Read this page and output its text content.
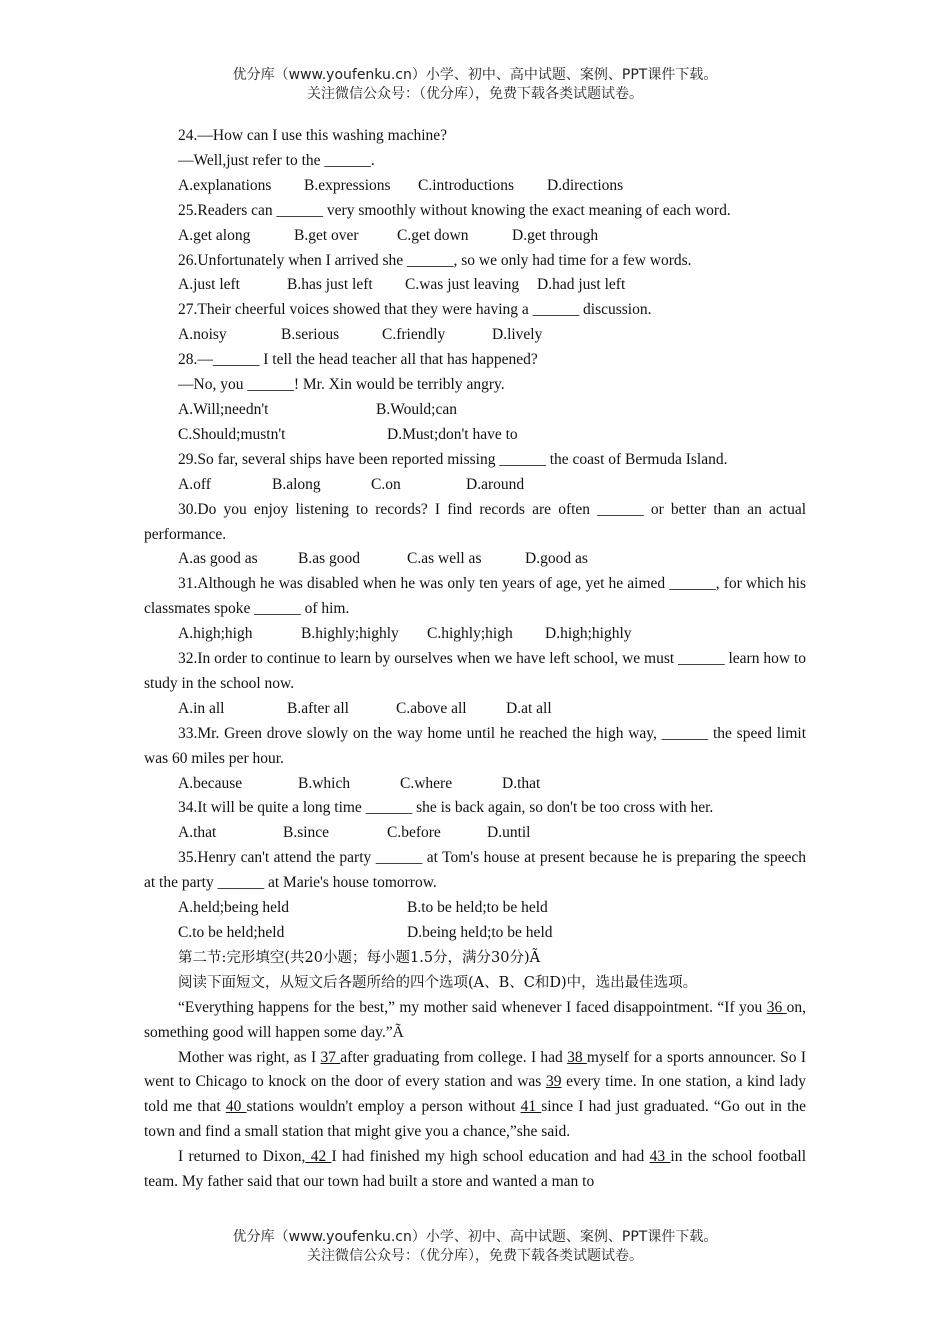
优分库（www.youfenku.cn）小学、初中、高中试题、案例、PPT课件下载。
关注微信公众号：（优分库），免费下载各类试题试卷。
24.—How can I use this washing machine?
—Well,just refer to the ______.
A.explanations	B.expressions	C.introductions	D.directions
25.Readers can ______ very smoothly without knowing the exact meaning of each word.
A.get along	B.get over	C.get down	D.get through
26.Unfortunately when I arrived she ______, so we only had time for a few words.
A.just left	B.has just left	C.was just leaving	D.had just left
27.Their cheerful voices showed that they were having a ______ discussion.
A.noisy	B.serious	C.friendly	D.lively
28.—______ I tell the head teacher all that has happened?
—No, you ______! Mr. Xin would be terribly angry.
A.Will;needn't	B.Would;can
C.Should;mustn't	D.Must;don't have to
29.So far, several ships have been reported missing ______ the coast of Bermuda Island.
A.off	B.along	C.on	D.around
30.Do you enjoy listening to records? I find records are often ______ or better than an actual performance.
A.as good as	B.as good	C.as well as	D.good as
31.Although he was disabled when he was only ten years of age, yet he aimed ______, for which his classmates spoke ______ of him.
A.high;high	B.highly;highly	C.highly;high	D.high;highly
32.In order to continue to learn by ourselves when we have left school, we must ______ learn how to study in the school now.
A.in all	B.after all	C.above all	D.at all
33.Mr. Green drove slowly on the way home until he reached the high way, ______ the speed limit was 60 miles per hour.
A.because	B.which	C.where	D.that
34.It will be quite a long time ______ she is back again, so don't be too cross with her.
A.that	B.since	C.before	D.until
35.Henry can't attend the party ______ at Tom's house at present because he is preparing the speech at the party ______ at Marie's house tomorrow.
A.held;being held	B.to be held;to be held
C.to be held;held	D.being held;to be held
第二节:完形填空(共20小题；每小题1.5分，满分30分)Ã
阅读下面短文，从短文后各题所给的四个选项(A、B、C和D)中，选出最佳选项。
“Everything happens for the best,” my mother said whenever I faced disappointment. “If you 36 on, something good will happen some day.”Ã
Mother was right, as I 37 after graduating from college. I had 38 myself for a sports announcer. So I went to Chicago to knock on the door of every station and was 39 every time. In one station, a kind lady told me that 40 stations wouldn't employ a person without 41 since I had just graduated. “Go out in the town and find a small station that might give you a chance,”she said.
I returned to Dixon, 42 I had finished my high school education and had 43 in the school football team. My father said that our town had built a store and wanted a man to
优分库（www.youfenku.cn）小学、初中、高中试题、案例、PPT课件下载。
关注微信公众号：（优分库），免费下载各类试题试卷。
